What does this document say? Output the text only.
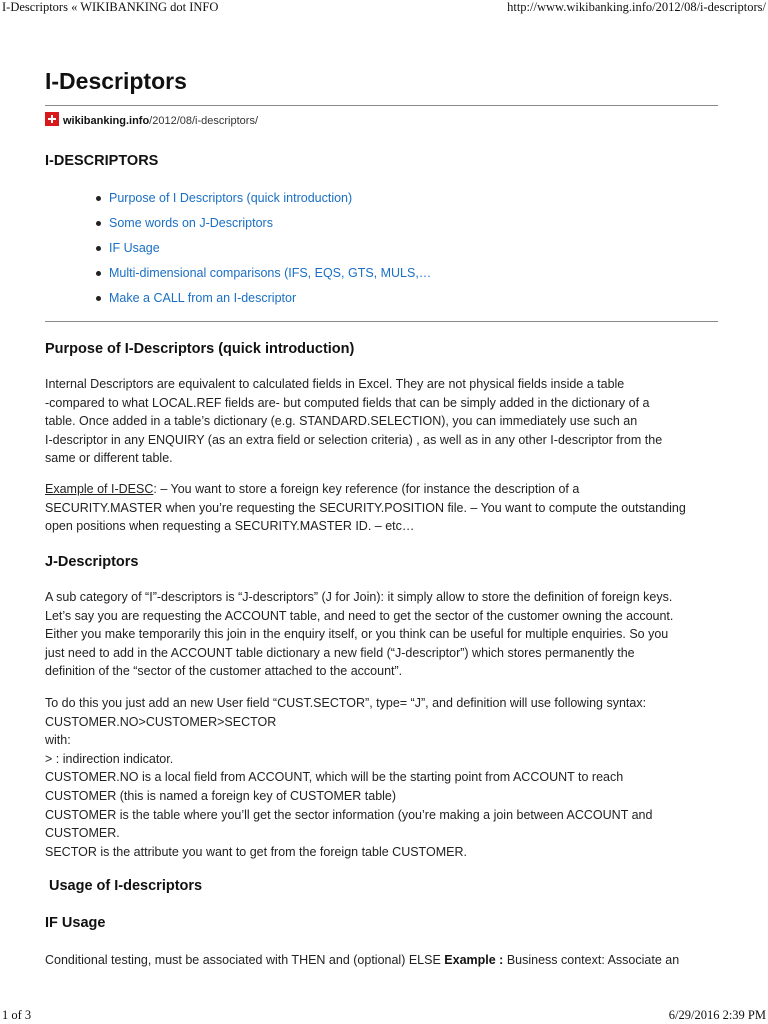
I-Descriptors « WIKIBANKING dot INFO	http://www.wikibanking.info/2012/08/i-descriptors/
I-Descriptors
wikibanking.info/2012/08/i-descriptors/
I-DESCRIPTORS
Purpose of I Descriptors (quick introduction)
Some words on J-Descriptors
IF Usage
Multi-dimensional comparisons (IFS, EQS, GTS, MULS,…
Make a CALL from an I-descriptor
Purpose of I-Descriptors (quick introduction)
Internal Descriptors are equivalent to calculated fields in Excel. They are not physical fields inside a table
-compared to what LOCAL.REF fields are- but computed fields that can be simply added in the dictionary of a
table. Once added in a table’s dictionary (e.g. STANDARD.SELECTION), you can immediately use such an
I-descriptor in any ENQUIRY (as an extra field or selection criteria) , as well as in any other I-descriptor from the
same or different table.
Example of I-DESC: – You want to store a foreign key reference (for instance the description of a
SECURITY.MASTER when you’re requesting the SECURITY.POSITION file. – You want to compute the outstanding
open positions when requesting a SECURITY.MASTER ID. – etc…
J-Descriptors
A sub category of “I”-descriptors is “J-descriptors” (J for Join): it simply allow to store the definition of foreign keys.
Let’s say you are requesting the ACCOUNT table, and need to get the sector of the customer owning the account.
Either you make temporarily this join in the enquiry itself, or you think can be useful for multiple enquiries. So you
just need to add in the ACCOUNT table dictionary a new field (“J-descriptor”) which stores permanently the
definition of the “sector of the customer attached to the account”.
To do this you just add an new User field “CUST.SECTOR”, type= “J”, and definition will use following syntax:
CUSTOMER.NO>CUSTOMER>SECTOR
with:
> : indirection indicator.
CUSTOMER.NO is a local field from ACCOUNT, which will be the starting point from ACCOUNT to reach
CUSTOMER (this is named a foreign key of CUSTOMER table)
CUSTOMER is the table where you’ll get the sector information (you’re making a join between ACCOUNT and
CUSTOMER.
SECTOR is the attribute you want to get from the foreign table CUSTOMER.
Usage of I-descriptors
IF Usage
Conditional testing, must be associated with THEN and (optional) ELSE Example : Business context: Associate an
1 of 3	6/29/2016 2:39 PM
